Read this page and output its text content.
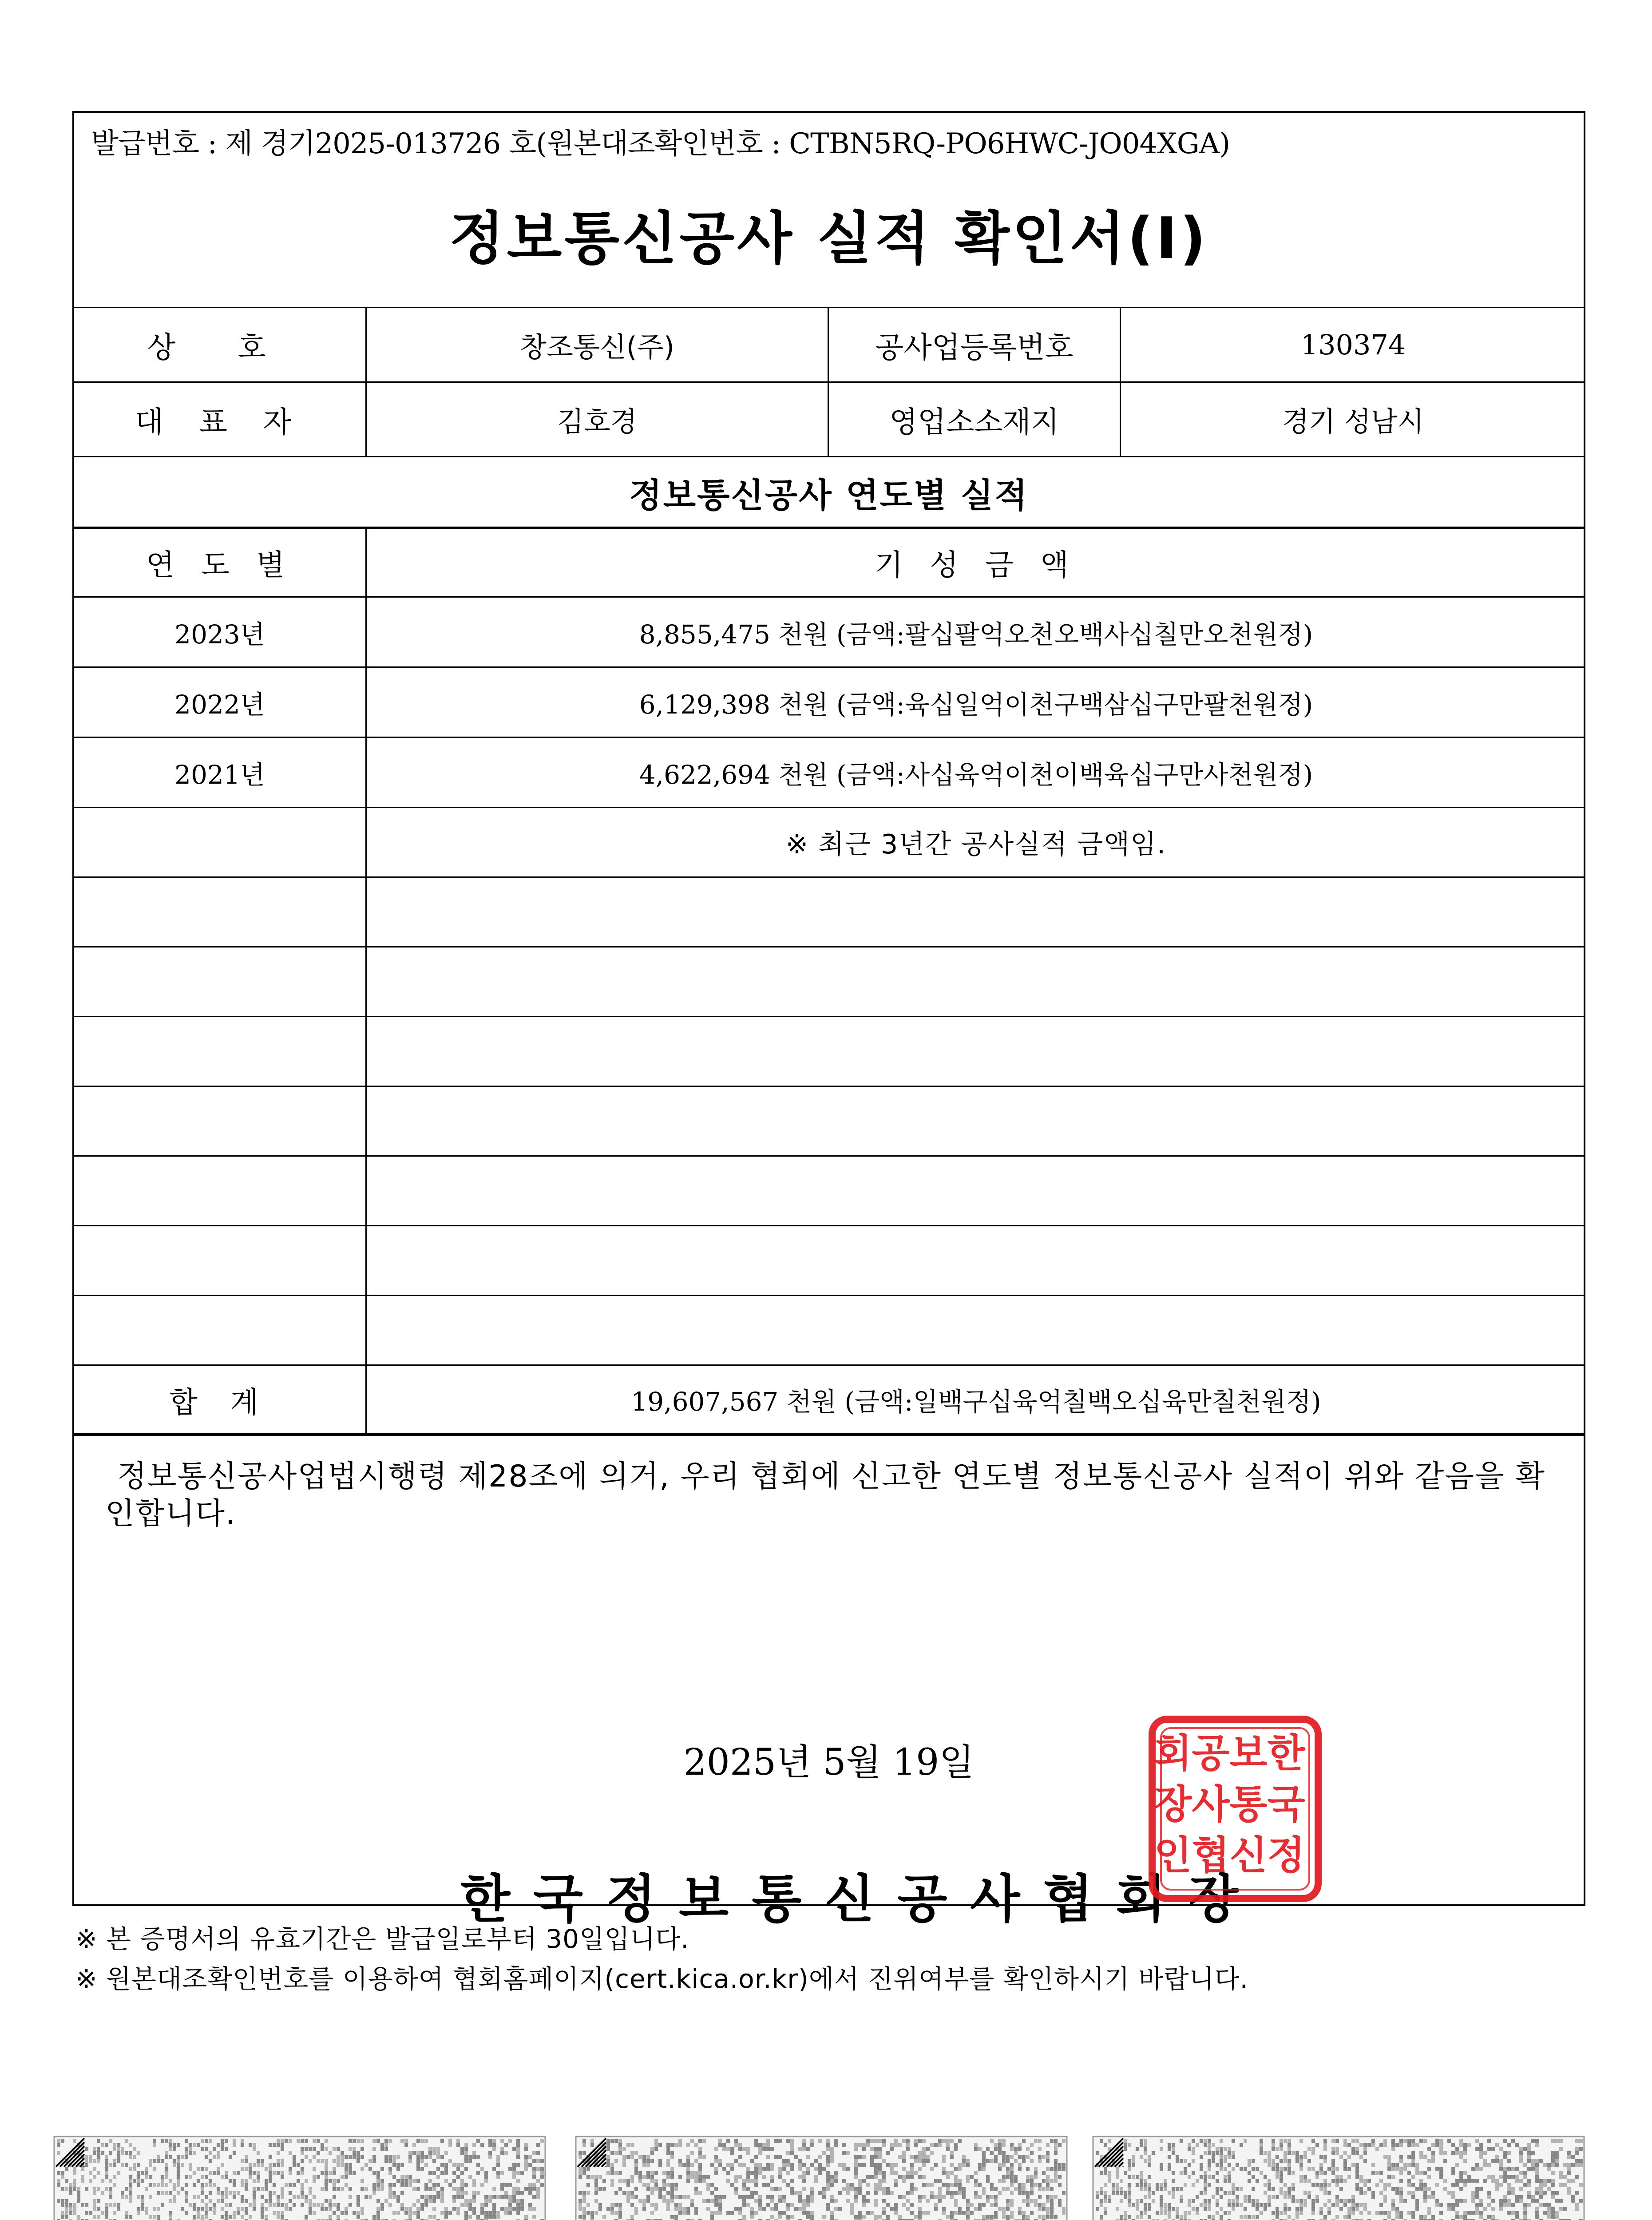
발급번호 : 제 경기2025-013726 호(원본대조확인번호 : CTBN5RQ-PO6HWC-JO04XGA)
정보통신공사 실적 확인서(Ⅰ)
상 호	창조통신(주)	공사업등록번호	130374
대 표 자	김호경	영업소소재지	경기 성남시
정보통신공사 연도별 실적
연 도 별	기 성 금 액
2023년	8,855,475 천원 (금액:팔십팔억오천오백사십칠만오천원정)
2022년	6,129,398 천원 (금액:육십일억이천구백삼십구만팔천원정)
2021년	4,622,694 천원 (금액:사십육억이천이백육십구만사천원정)
※ 최근 3년간 공사실적 금액임.
합 계	19,607,567 천원 (금액:일백구십육억칠백오십육만칠천원정)
정보통신공사업법시행령 제28조에 의거, 우리 협회에 신고한 연도별 정보통신공사 실적이 위와 같음을 확인합니다.
2025년 5월 19일
한국정보통신공사협회장
한
국
정
보
통
신
공
사
협
회
장
인
※ 본 증명서의 유효기간은 발급일로부터 30일입니다.
※ 원본대조확인번호를 이용하여 협회홈페이지(cert.kica.or.kr)에서 진위여부를 확인하시기 바랍니다.
